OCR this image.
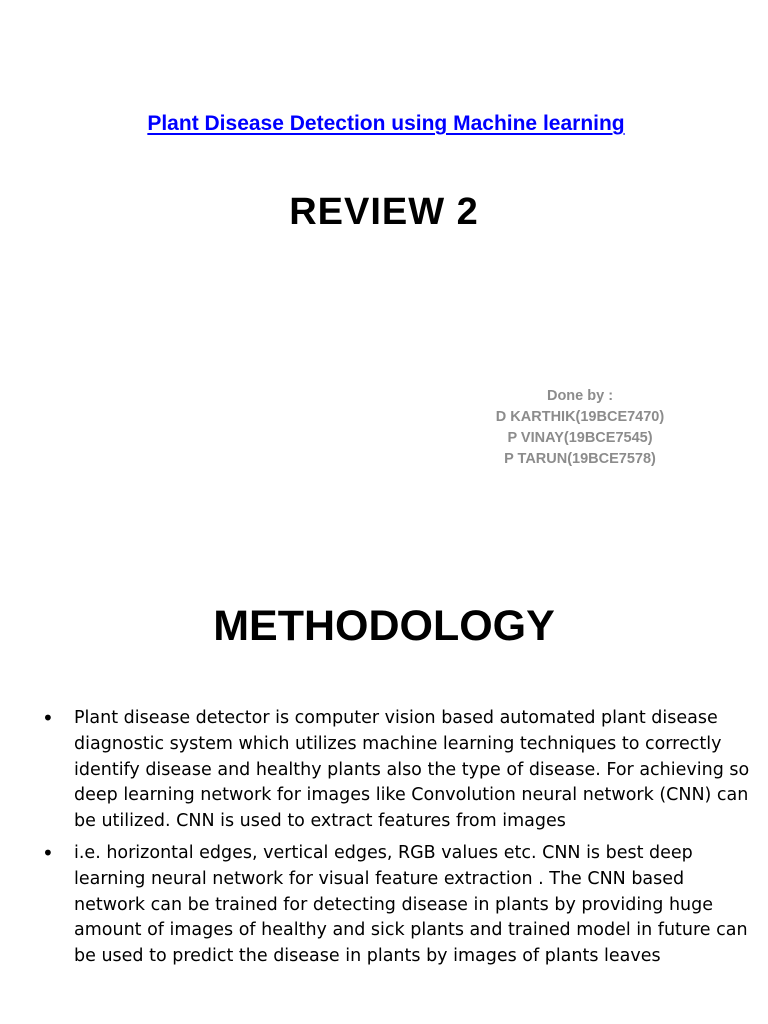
Plant Disease Detection using Machine learning
REVIEW 2
Done by :
D KARTHIK(19BCE7470)
P VINAY(19BCE7545)
P TARUN(19BCE7578)
METHODOLOGY
• Plant disease detector is computer vision based automated plant disease diagnostic system which utilizes machine learning techniques to correctly identify disease and healthy plants also the type of disease. For achieving so deep learning network for images like Convolution neural network (CNN) can be utilized. CNN is used to extract features from images
• i.e. horizontal edges, vertical edges, RGB values etc. CNN is best deep learning neural network for visual feature extraction . The CNN based network can be trained for detecting disease in plants by providing huge amount of images of healthy and sick plants and trained model in future can be used to predict the disease in plants by images of plants leaves
